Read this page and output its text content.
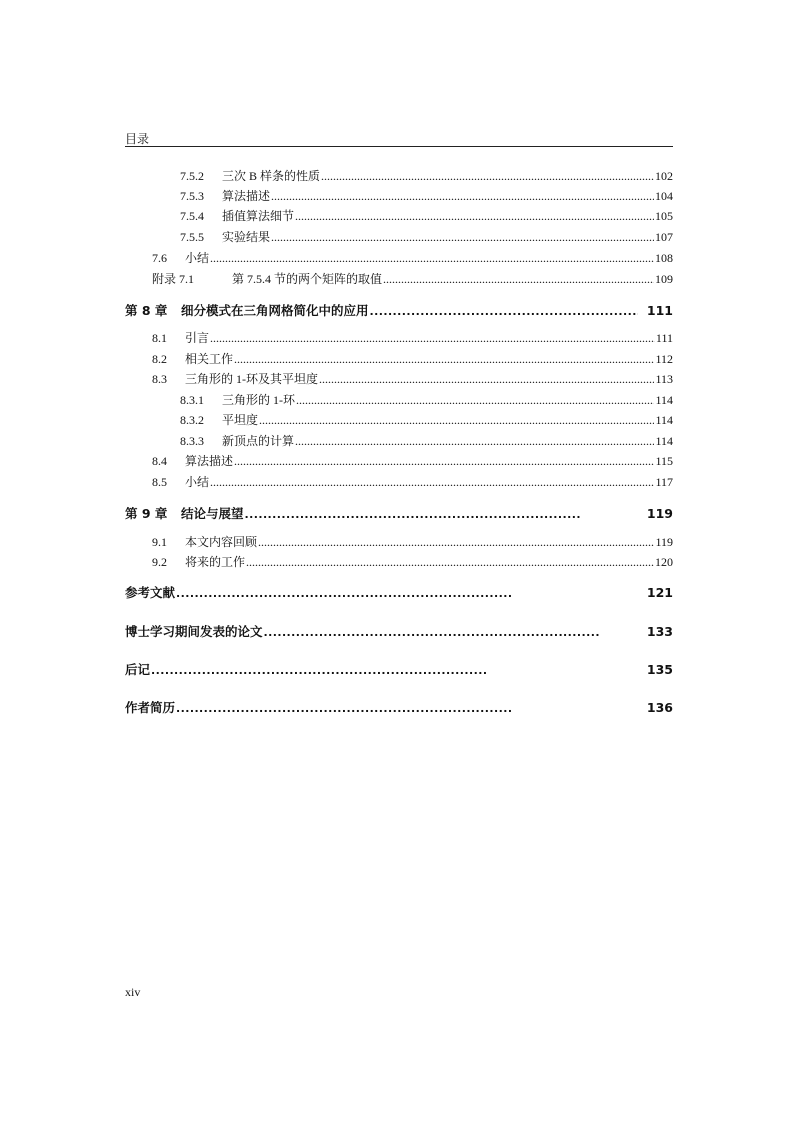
目录
7.5.2	三次 B 样条的性质 .....	102
7.5.3	算法描述 .....	104
7.5.4	插值算法细节 .....	105
7.5.5	实验结果 .....	107
7.6	小结 .....	108
附录 7.1	第 7.5.4 节的两个矩阵的取值 .....	109
第 8 章	细分模式在三角网格简化中的应用 . .	111
8.1	引言 .....	111
8.2	相关工作 .....	112
8.3	三角形的 1-环及其平坦度 .....	113
8.3.1	三角形的 1-环 .....	114
8.3.2	平坦度 .....	114
8.3.3	新顶点的计算 .....	114
8.4	算法描述 .....	115
8.5	小结 .....	117
第 9 章	结论与展望 . .	119
9.1	本文内容回顾 .....	119
9.2	将来的工作 .....	120
参考文献 . .	121
博士学习期间发表的论文 . .	133
后记 . .	135
作者简历 . .	136
xiv
